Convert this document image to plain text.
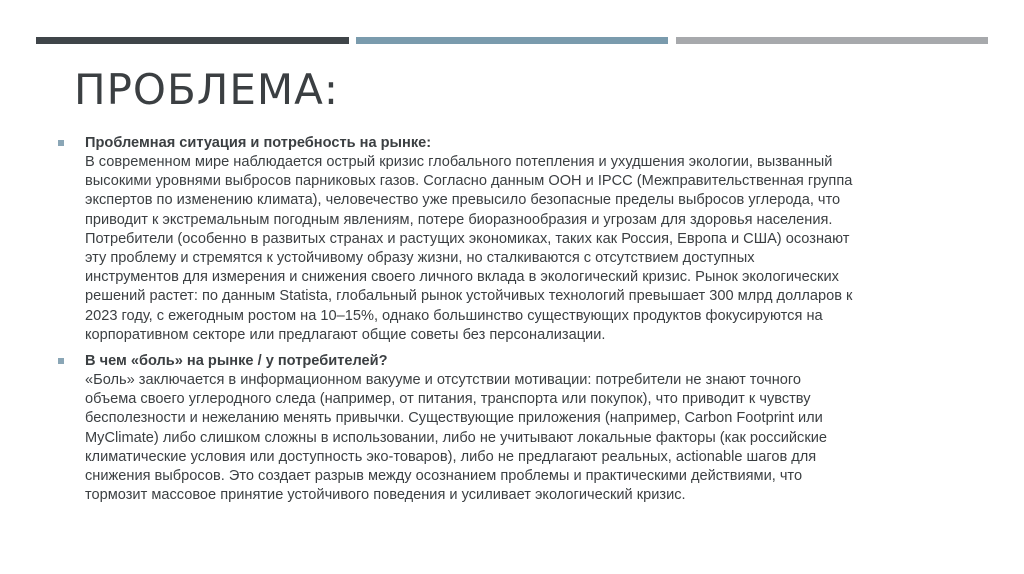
ПРОБЛЕМА:
Проблемная ситуация и потребность на рынке:
В современном мире наблюдается острый кризис глобального потепления и ухудшения экологии, вызванный
высокими уровнями выбросов парниковых газов. Согласно данным ООН и IPCC (Межправительственная группа
экспертов по изменению климата), человечество уже превысило безопасные пределы выбросов углерода, что
приводит к экстремальным погодным явлениям, потере биоразнообразия и угрозам для здоровья населения.
Потребители (особенно в развитых странах и растущих экономиках, таких как Россия, Европа и США) осознают
эту проблему и стремятся к устойчивому образу жизни, но сталкиваются с отсутствием доступных
инструментов для измерения и снижения своего личного вклада в экологический кризис. Рынок экологических
решений растет: по данным Statista, глобальный рынок устойчивых технологий превышает 300 млрд долларов к
2023 году, с ежегодным ростом на 10–15%, однако большинство существующих продуктов фокусируются на
корпоративном секторе или предлагают общие советы без персонализации.
В чем «боль» на рынке / у потребителей?
«Боль» заключается в информационном вакууме и отсутствии мотивации: потребители не знают точного
объема своего углеродного следа (например, от питания, транспорта или покупок), что приводит к чувству
бесполезности и нежеланию менять привычки. Существующие приложения (например, Carbon Footprint или
MyClimate) либо слишком сложны в использовании, либо не учитывают локальные факторы (как российские
климатические условия или доступность эко-товаров), либо не предлагают реальных, actionable шагов для
снижения выбросов. Это создает разрыв между осознанием проблемы и практическими действиями, что
тормозит массовое принятие устойчивого поведения и усиливает экологический кризис.
